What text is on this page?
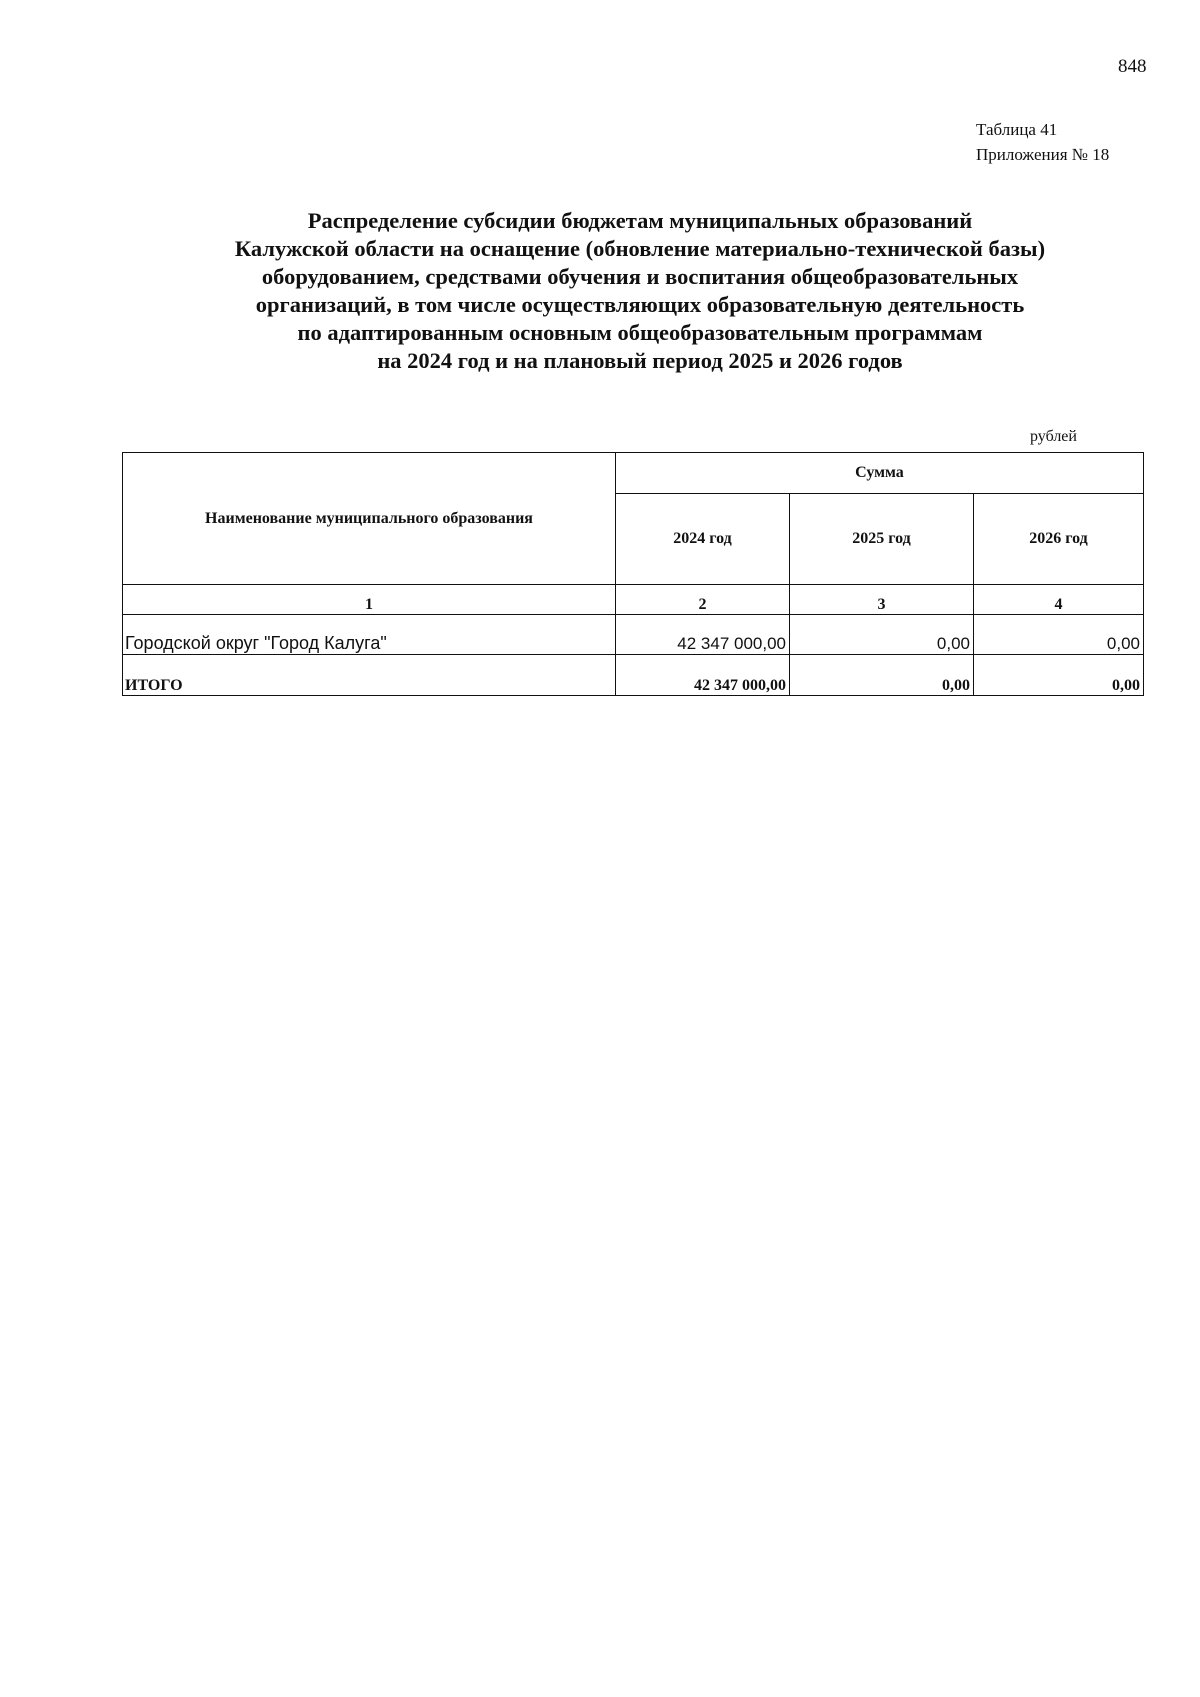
848
Таблица 41
Приложения № 18
Распределение субсидии бюджетам муниципальных образований
Калужской области на оснащение (обновление материально-технической базы)
оборудованием, средствами обучения и воспитания общеобразовательных
организаций, в том числе осуществляющих образовательную деятельность
по адаптированным основным общеобразовательным программам
на 2024 год и на плановый период 2025 и 2026 годов
рублей
Наименование муниципального образования	Сумма		
	2024 год	2025 год	2026 год
1	2	3	4
Городской округ "Город Калуга"	42 347 000,00	0,00	0,00
ИТОГО	42 347 000,00	0,00	0,00
